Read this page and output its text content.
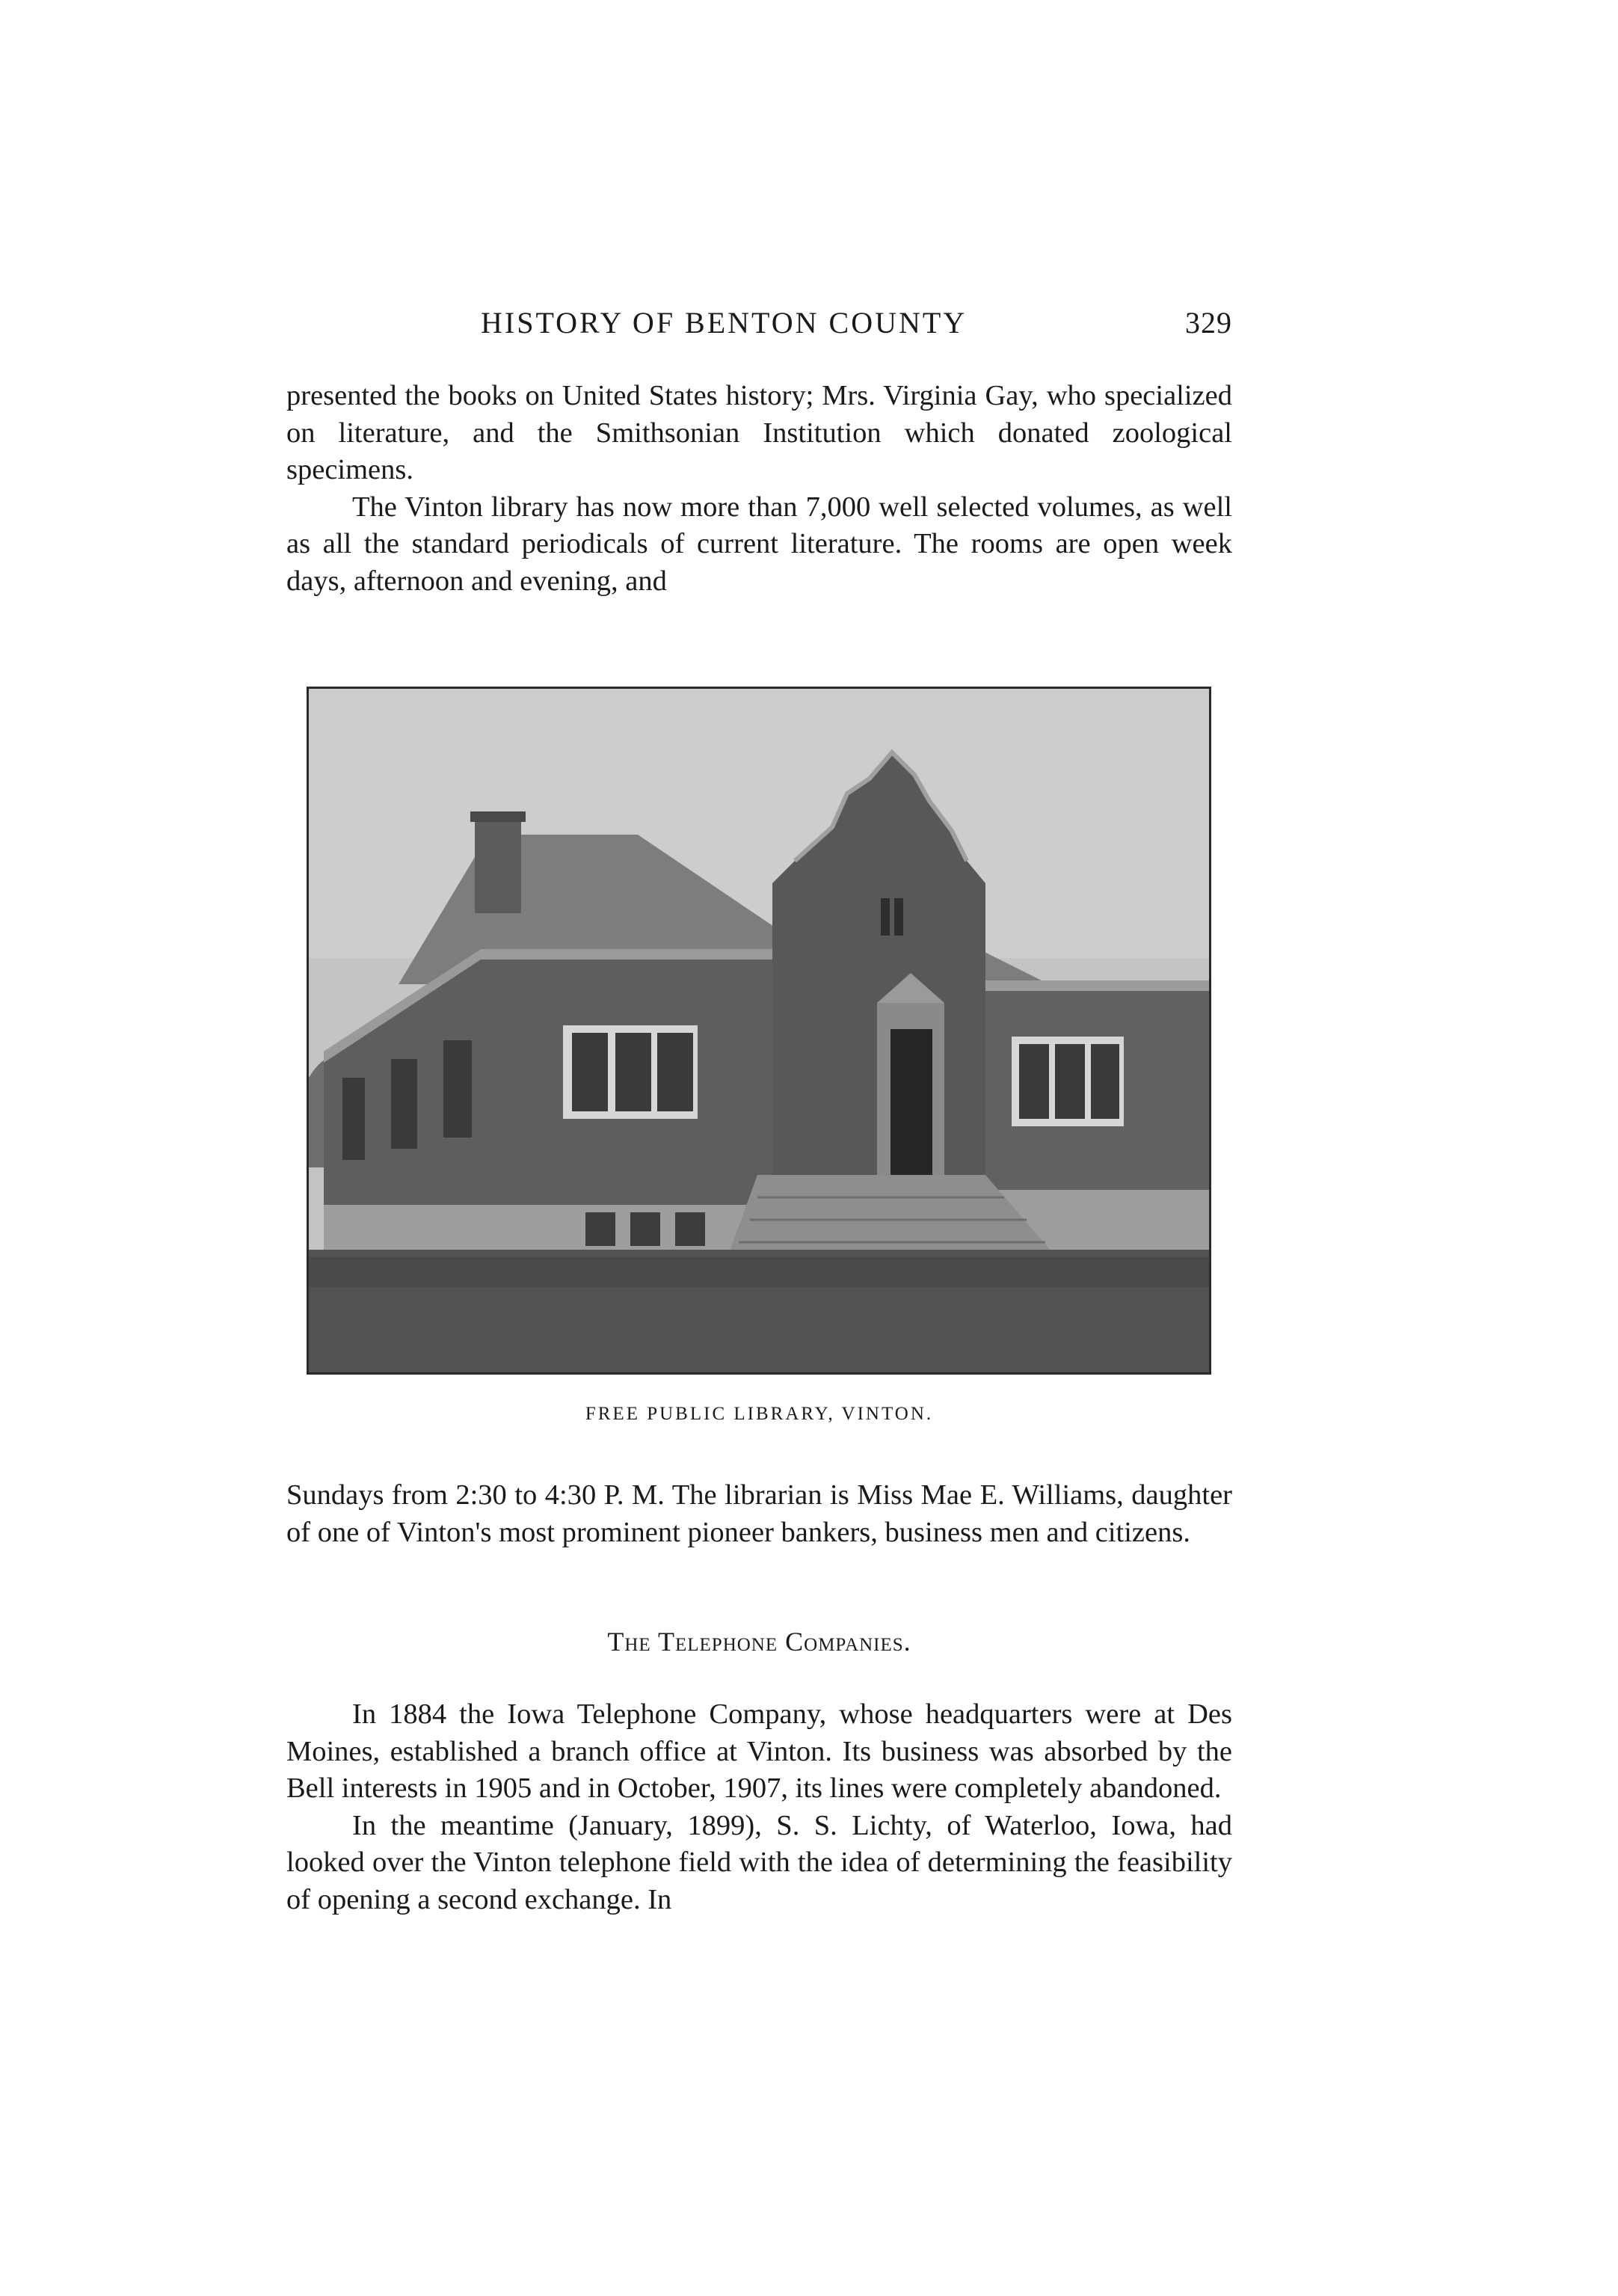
HISTORY OF BENTON COUNTY	329

presented the books on United States history; Mrs. Virginia Gay, who specialized on literature, and the Smithsonian Institution which donated zoological specimens.

The Vinton library has now more than 7,000 well selected volumes, as well as all the standard periodicals of current literature. The rooms are open week days, afternoon and evening, and

FREE PUBLIC LIBRARY, VINTON.

Sundays from 2:30 to 4:30 P. M. The librarian is Miss Mae E. Williams, daughter of one of Vinton's most prominent pioneer bankers, business men and citizens.

The Telephone Companies.

In 1884 the Iowa Telephone Company, whose headquarters were at Des Moines, established a branch office at Vinton. Its business was absorbed by the Bell interests in 1905 and in October, 1907, its lines were completely abandoned.

In the meantime (January, 1899), S. S. Lichty, of Waterloo, Iowa, had looked over the Vinton telephone field with the idea of determining the feasibility of opening a second exchange. In
